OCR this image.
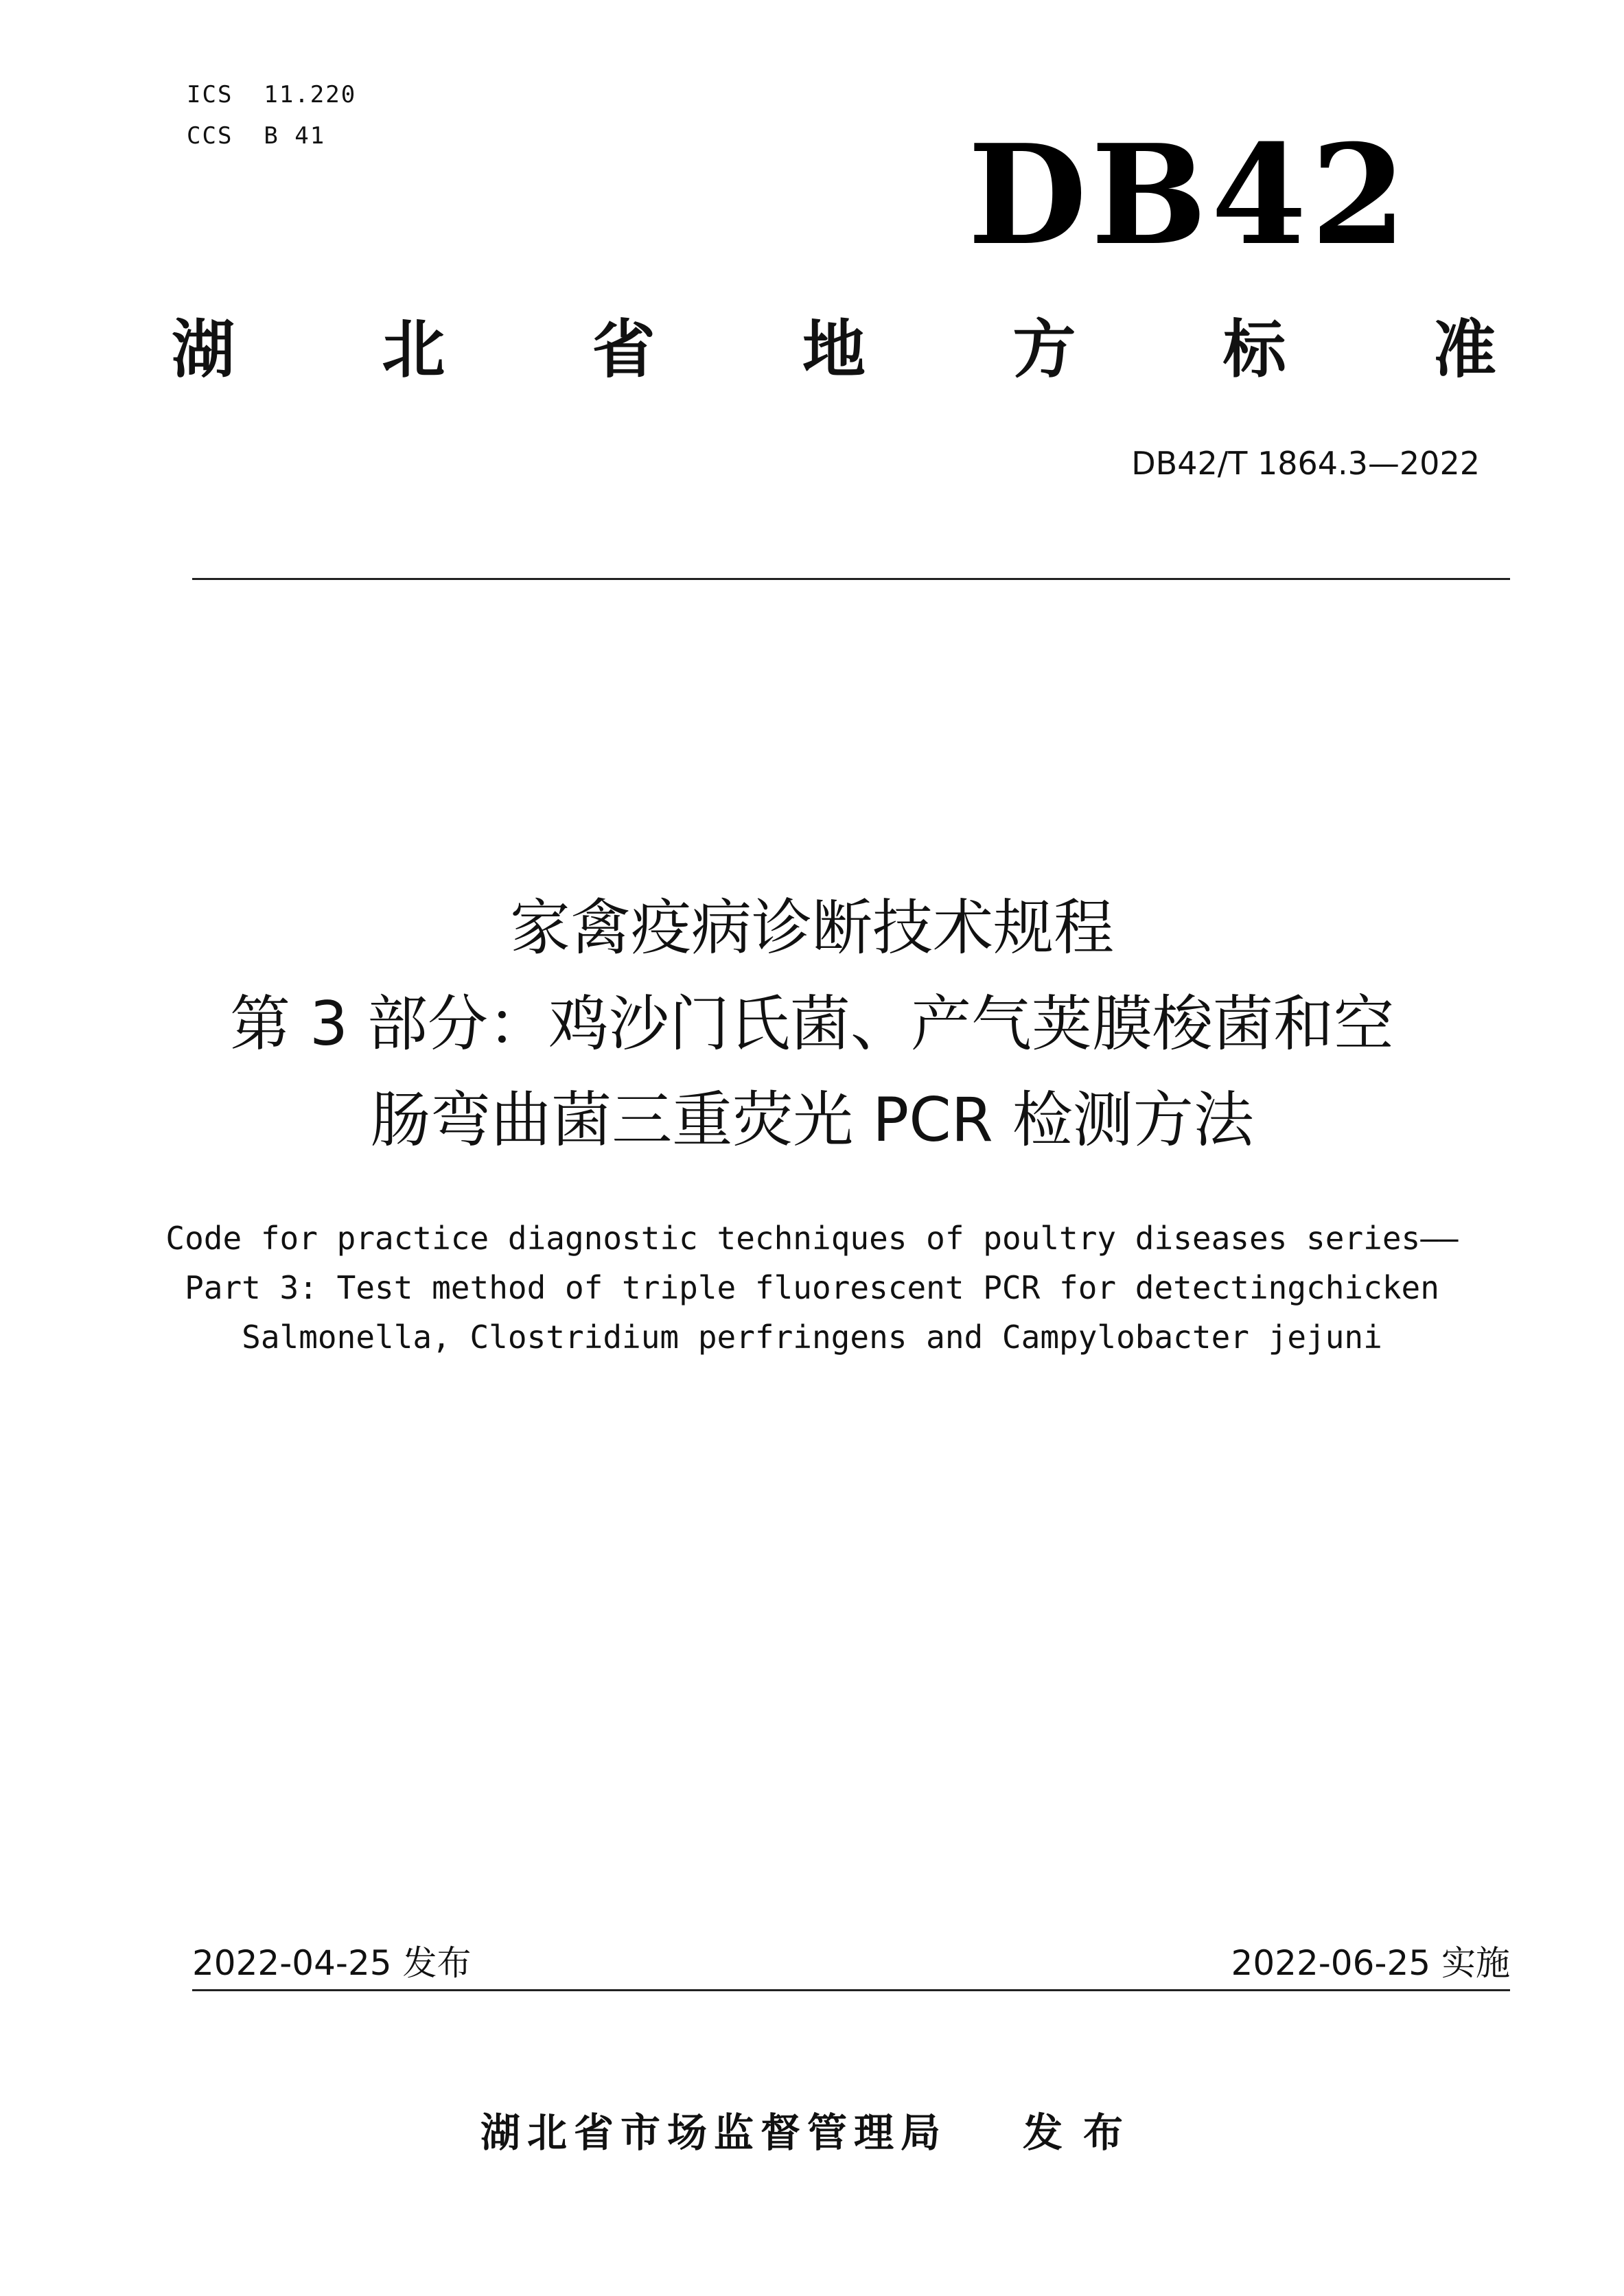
ICS  11.220
CCS  B 41	DB42
湖 北 省 地 方 标 准
DB42/T 1864.3—2022
家禽疫病诊断技术规程
第 3 部分：鸡沙门氏菌、产气荚膜梭菌和空
肠弯曲菌三重荧光 PCR 检测方法
Code for practice diagnostic techniques of poultry diseases series——
Part 3: Test method of triple fluorescent PCR for detectingchicken
Salmonella, Clostridium perfringens and Campylobacter jejuni
2022-04-25 发布	2022-06-25 实施
湖北省市场监督管理局 发布
